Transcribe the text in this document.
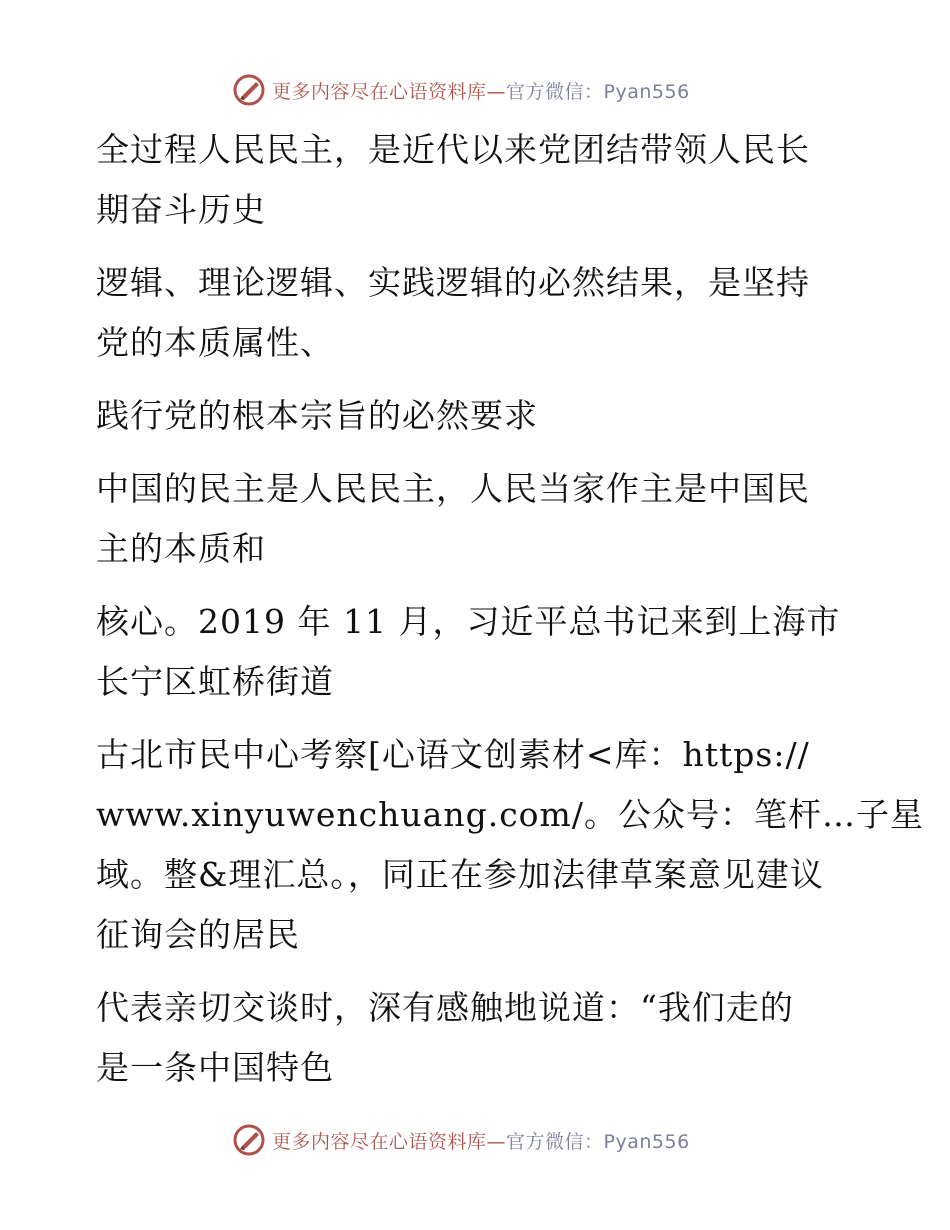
更多内容尽在心语资料库—官方微信：Pyan556
全过程人民民主，是近代以来党团结带领人民长
期奋斗历史
逻辑、理论逻辑、实践逻辑的必然结果，是坚持
党的本质属性、
践行党的根本宗旨的必然要求
中国的民主是人民民主，人民当家作主是中国民
主的本质和
核心。2019 年 11 月，习近平总书记来到上海市
长宁区虹桥街道
古北市民中心考察[心语文创素材<库：https://
www.xinyuwenchuang.com/。公众号：笔杆…子星
域。整&理汇总。，同正在参加法律草案意见建议
征询会的居民
代表亲切交谈时，深有感触地说道：“我们走的
是一条中国特色
更多内容尽在心语资料库—官方微信：Pyan556
